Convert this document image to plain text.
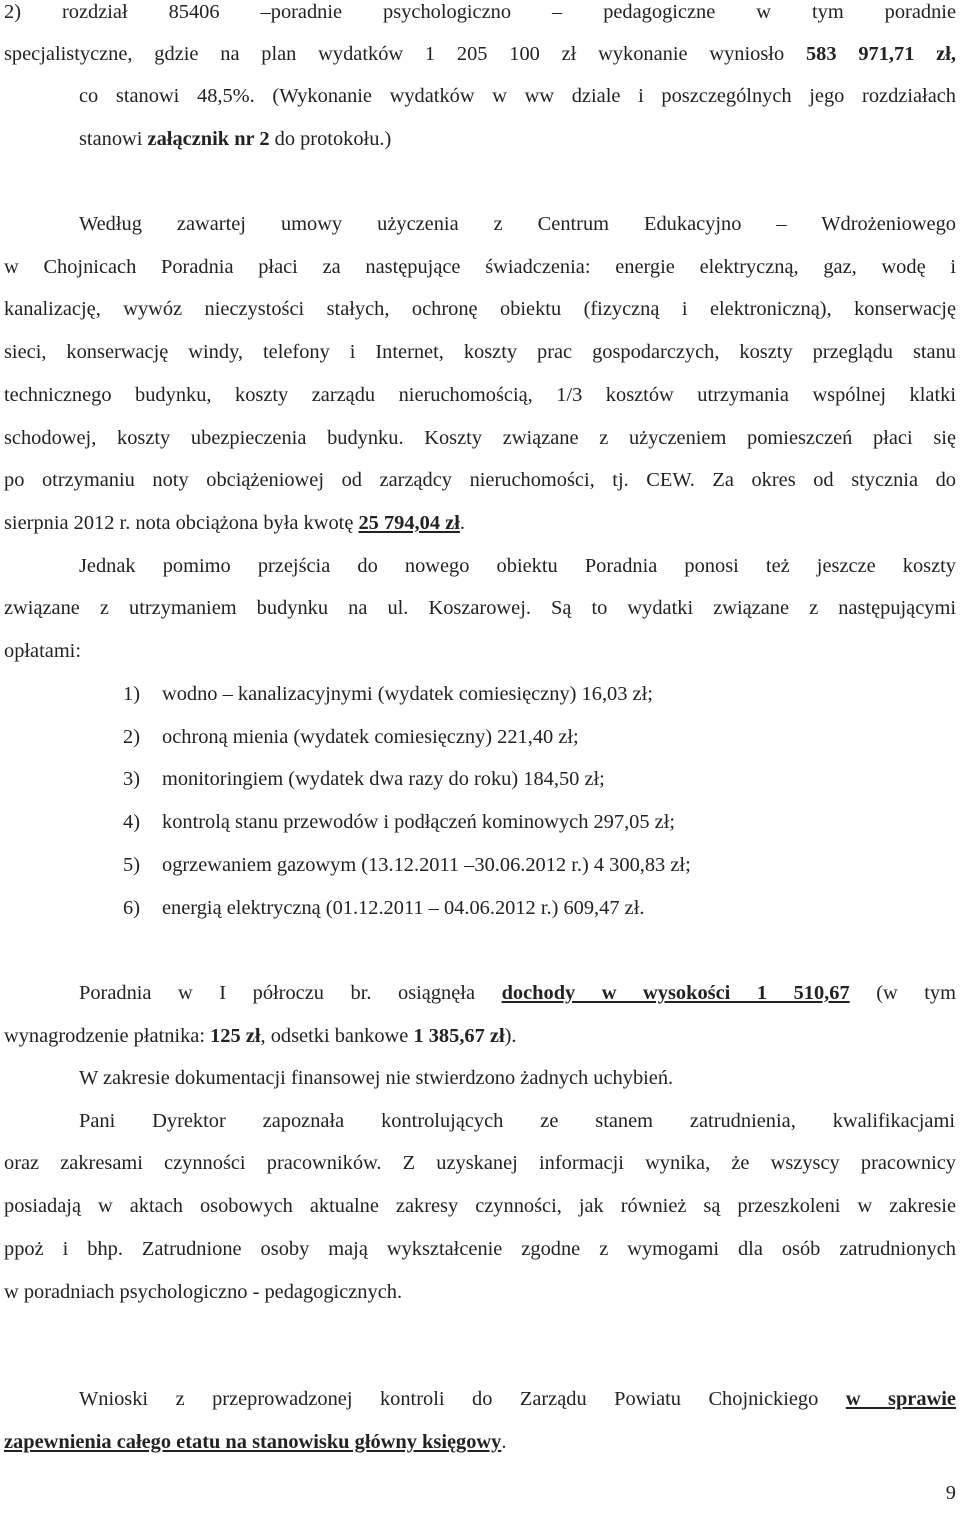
2) rozdział 85406 –poradnie psychologiczno – pedagogiczne w tym poradnie
specjalistyczne, gdzie na plan wydatków 1 205 100 zł wykonanie wyniosło 583 971,71 zł,
co stanowi 48,5%. (Wykonanie wydatków w ww dziale i poszczególnych jego rozdziałach
stanowi załącznik nr 2 do protokołu.)
Według zawartej umowy użyczenia z Centrum Edukacyjno – Wdrożeniowego
w Chojnicach Poradnia płaci za następujące świadczenia: energie elektryczną, gaz, wodę i
kanalizację, wywóz nieczystości stałych, ochronę obiektu (fizyczną i elektroniczną), konserwację
sieci, konserwację windy, telefony i Internet, koszty prac gospodarczych, koszty przeglądu stanu
technicznego budynku, koszty zarządu nieruchomością, 1/3 kosztów utrzymania wspólnej klatki
schodowej, koszty ubezpieczenia budynku. Koszty związane z użyczeniem pomieszczeń płaci się
po otrzymaniu noty obciążeniowej od zarządcy nieruchomości, tj. CEW. Za okres od stycznia do
sierpnia 2012 r. nota obciążona była kwotę 25 794,04 zł.
Jednak pomimo przejścia do nowego obiektu Poradnia ponosi też jeszcze koszty
związane z utrzymaniem budynku na ul. Koszarowej. Są to wydatki związane z następującymi
opłatami:
1) wodno – kanalizacyjnymi (wydatek comiesięczny) 16,03 zł;
2) ochroną mienia (wydatek comiesięczny) 221,40 zł;
3) monitoringiem (wydatek dwa razy do roku) 184,50 zł;
4) kontrolą stanu przewodów i podłączeń kominowych 297,05 zł;
5) ogrzewaniem gazowym (13.12.2011 –30.06.2012 r.) 4 300,83 zł;
6) energią elektryczną (01.12.2011 – 04.06.2012 r.) 609,47 zł.
Poradnia w I półroczu br. osiągnęła dochody w wysokości 1 510,67 (w tym
wynagrodzenie płatnika: 125 zł, odsetki bankowe 1 385,67 zł).
W zakresie dokumentacji finansowej nie stwierdzono żadnych uchybień.
Pani Dyrektor zapoznała kontrolujących ze stanem zatrudnienia, kwalifikacjami
oraz zakresami czynności pracowników. Z uzyskanej informacji wynika, że wszyscy pracownicy
posiadają w aktach osobowych aktualne zakresy czynności, jak również są przeszkoleni w zakresie
ppoż i bhp. Zatrudnione osoby mają wykształcenie zgodne z wymogami dla osób zatrudnionych
w poradniach psychologiczno - pedagogicznych.
Wnioski z przeprowadzonej kontroli do Zarządu Powiatu Chojnickiego w sprawie
zapewnienia całego etatu na stanowisku główny księgowy.
9
